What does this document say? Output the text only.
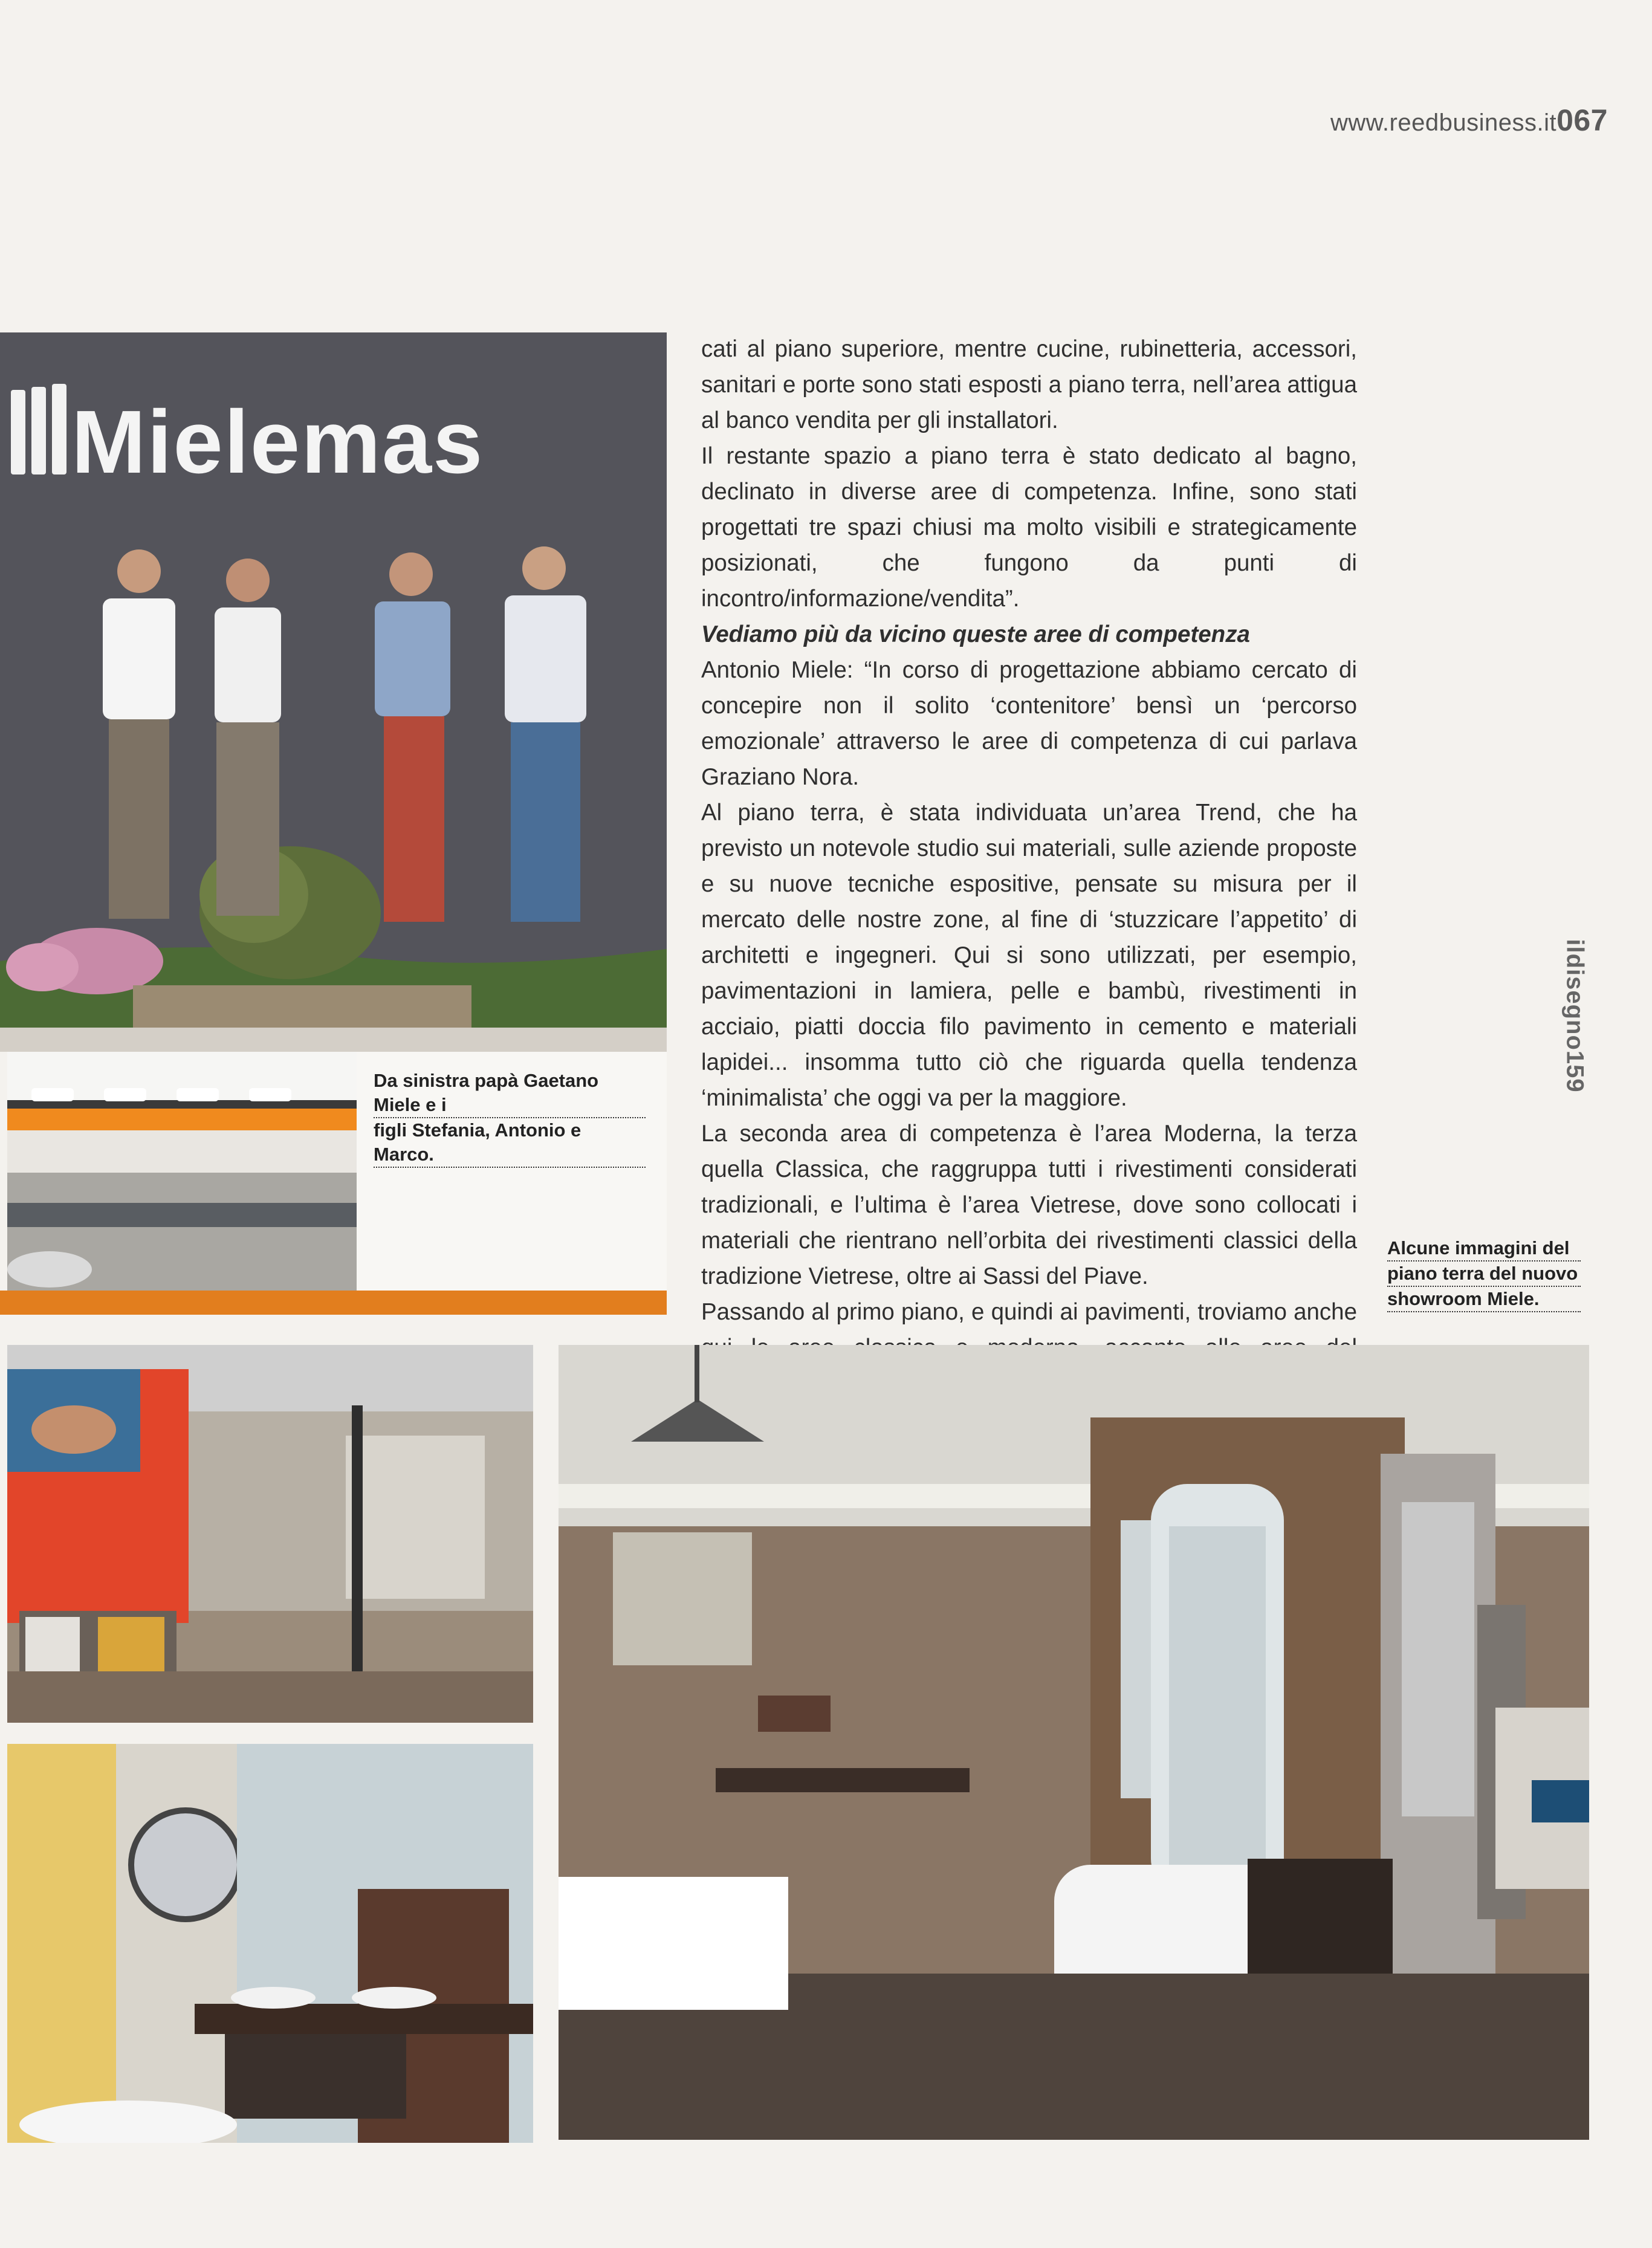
www.reedbusiness.it067
ildisegno159
Mielemas
Da sinistra papà Gaetano Miele e i
figli Stefania, Antonio e Marco.

cati al piano superiore, mentre cucine, rubinetteria, accessori, sanitari e porte sono stati esposti a piano terra, nell’area attigua al banco vendita per gli installatori.

Il restante spazio a piano terra è stato dedicato al bagno, declinato in diverse aree di competenza. Infine, sono stati progettati tre spazi chiusi ma molto visibili e strategicamente posizionati, che fungono da punti di incontro/informazione/vendita”.

Vediamo più da vicino queste aree di competenza

Antonio Miele: “In corso di progettazione abbiamo cercato di concepire non il solito ‘contenitore’ bensì un ‘percorso emozionale’ attraverso le aree di competenza di cui parlava Graziano Nora.

Al piano terra, è stata individuata un’area Trend, che ha previsto un notevole studio sui materiali, sulle aziende proposte e su nuove tecniche espositive, pensate su misura per il mercato delle nostre zone, al fine di ‘stuzzicare l’appetito’ di architetti e ingegneri. Qui si sono utilizzati, per esempio, pavimentazioni in lamiera, pelle e bambù, rivestimenti in acciaio, piatti doccia filo pavimento in cemento e materiali lapidei... insomma tutto ciò che riguarda quella tendenza ‘minimalista’ che oggi va per la maggiore.

La seconda area di competenza è l’area Moderna, la terza quella Classica, che raggruppa tutti i rivestimenti considerati tradizionali, e l’ultima è l’area Vietrese, dove sono collocati i materiali che rientrano nell’orbita dei rivestimenti classici della tradizione Vietrese, oltre ai Sassi del Piave.

Passando al primo piano, e quindi ai pavimenti, troviamo anche

Alcune immagini del
piano terra del nuovo
showroom Miele.
